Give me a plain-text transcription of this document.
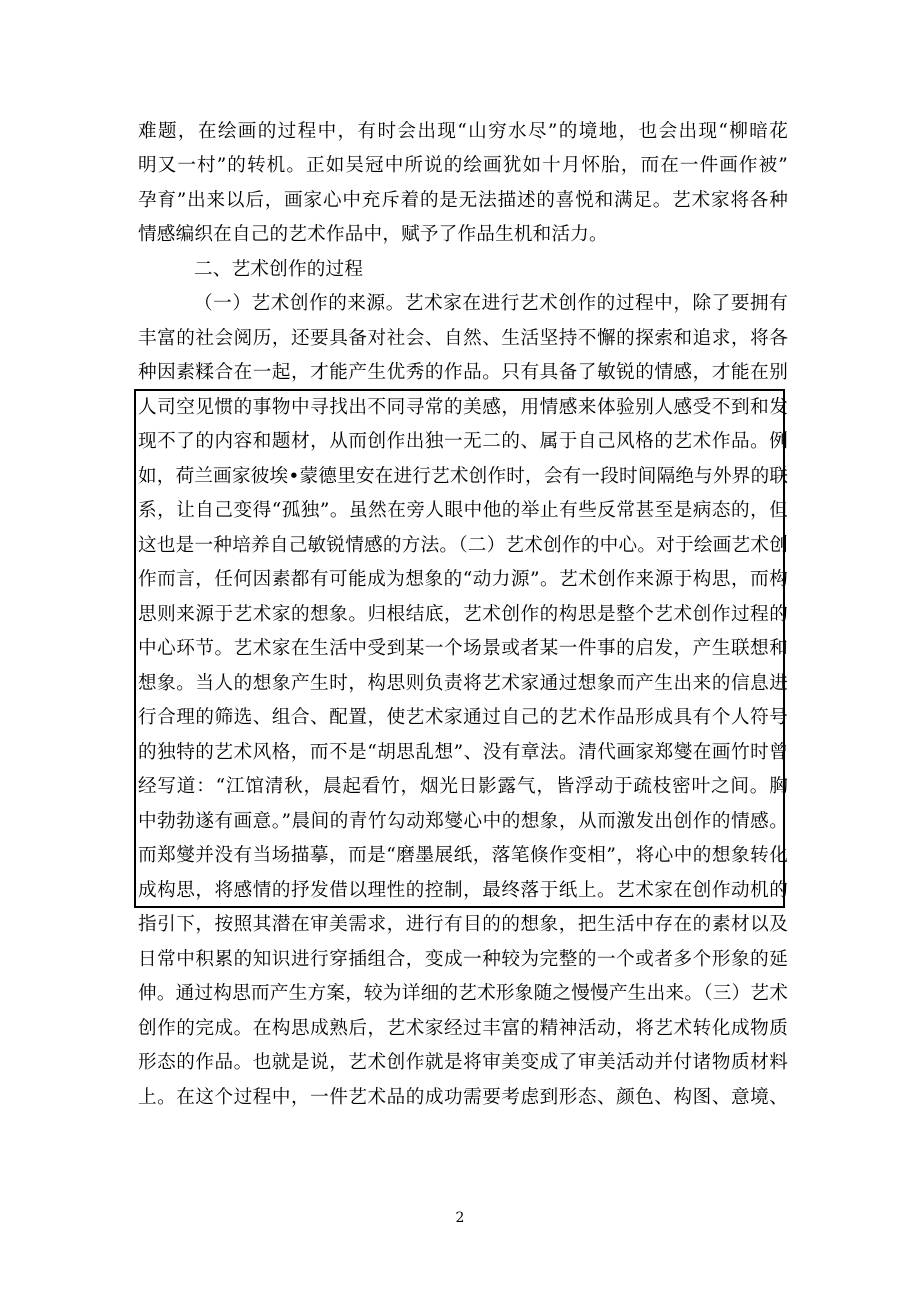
难题，在绘画的过程中，有时会出现“山穷水尽”的境地，也会出现“柳暗花
明又一村”的转机。正如吴冠中所说的绘画犹如十月怀胎，而在一件画作被”
孕育”出来以后，画家心中充斥着的是无法描述的喜悦和满足。艺术家将各种
情感编织在自己的艺术作品中，赋予了作品生机和活力。
二、艺术创作的过程
（一）艺术创作的来源。艺术家在进行艺术创作的过程中，除了要拥有
丰富的社会阅历，还要具备对社会、自然、生活坚持不懈的探索和追求，将各
种因素糅合在一起，才能产生优秀的作品。只有具备了敏锐的情感，才能在别
人司空见惯的事物中寻找出不同寻常的美感，用情感来体验别人感受不到和发
现不了的内容和题材，从而创作出独一无二的、属于自己风格的艺术作品。例
如，荷兰画家彼埃•蒙德里安在进行艺术创作时，会有一段时间隔绝与外界的联
系，让自己变得“孤独”。虽然在旁人眼中他的举止有些反常甚至是病态的，但
这也是一种培养自己敏锐情感的方法。（二）艺术创作的中心。对于绘画艺术创
作而言，任何因素都有可能成为想象的“动力源”。艺术创作来源于构思，而构
思则来源于艺术家的想象。归根结底，艺术创作的构思是整个艺术创作过程的
中心环节。艺术家在生活中受到某一个场景或者某一件事的启发，产生联想和
想象。当人的想象产生时，构思则负责将艺术家通过想象而产生出来的信息进
行合理的筛选、组合、配置，使艺术家通过自己的艺术作品形成具有个人符号
的独特的艺术风格，而不是“胡思乱想”、没有章法。清代画家郑燮在画竹时曾
经写道：“江馆清秋，晨起看竹，烟光日影露气，皆浮动于疏枝密叶之间。胸
中勃勃遂有画意。”晨间的青竹勾动郑燮心中的想象，从而激发出创作的情感。
而郑燮并没有当场描摹，而是“磨墨展纸，落笔倏作变相”，将心中的想象转化
成构思，将感情的抒发借以理性的控制，最终落于纸上。艺术家在创作动机的
指引下，按照其潜在审美需求，进行有目的的想象，把生活中存在的素材以及
日常中积累的知识进行穿插组合，变成一种较为完整的一个或者多个形象的延
伸。通过构思而产生方案，较为详细的艺术形象随之慢慢产生出来。（三）艺术
创作的完成。在构思成熟后，艺术家经过丰富的精神活动，将艺术转化成物质
形态的作品。也就是说，艺术创作就是将审美变成了审美活动并付诸物质材料
上。在这个过程中，一件艺术品的成功需要考虑到形态、颜色、构图、意境、
2
